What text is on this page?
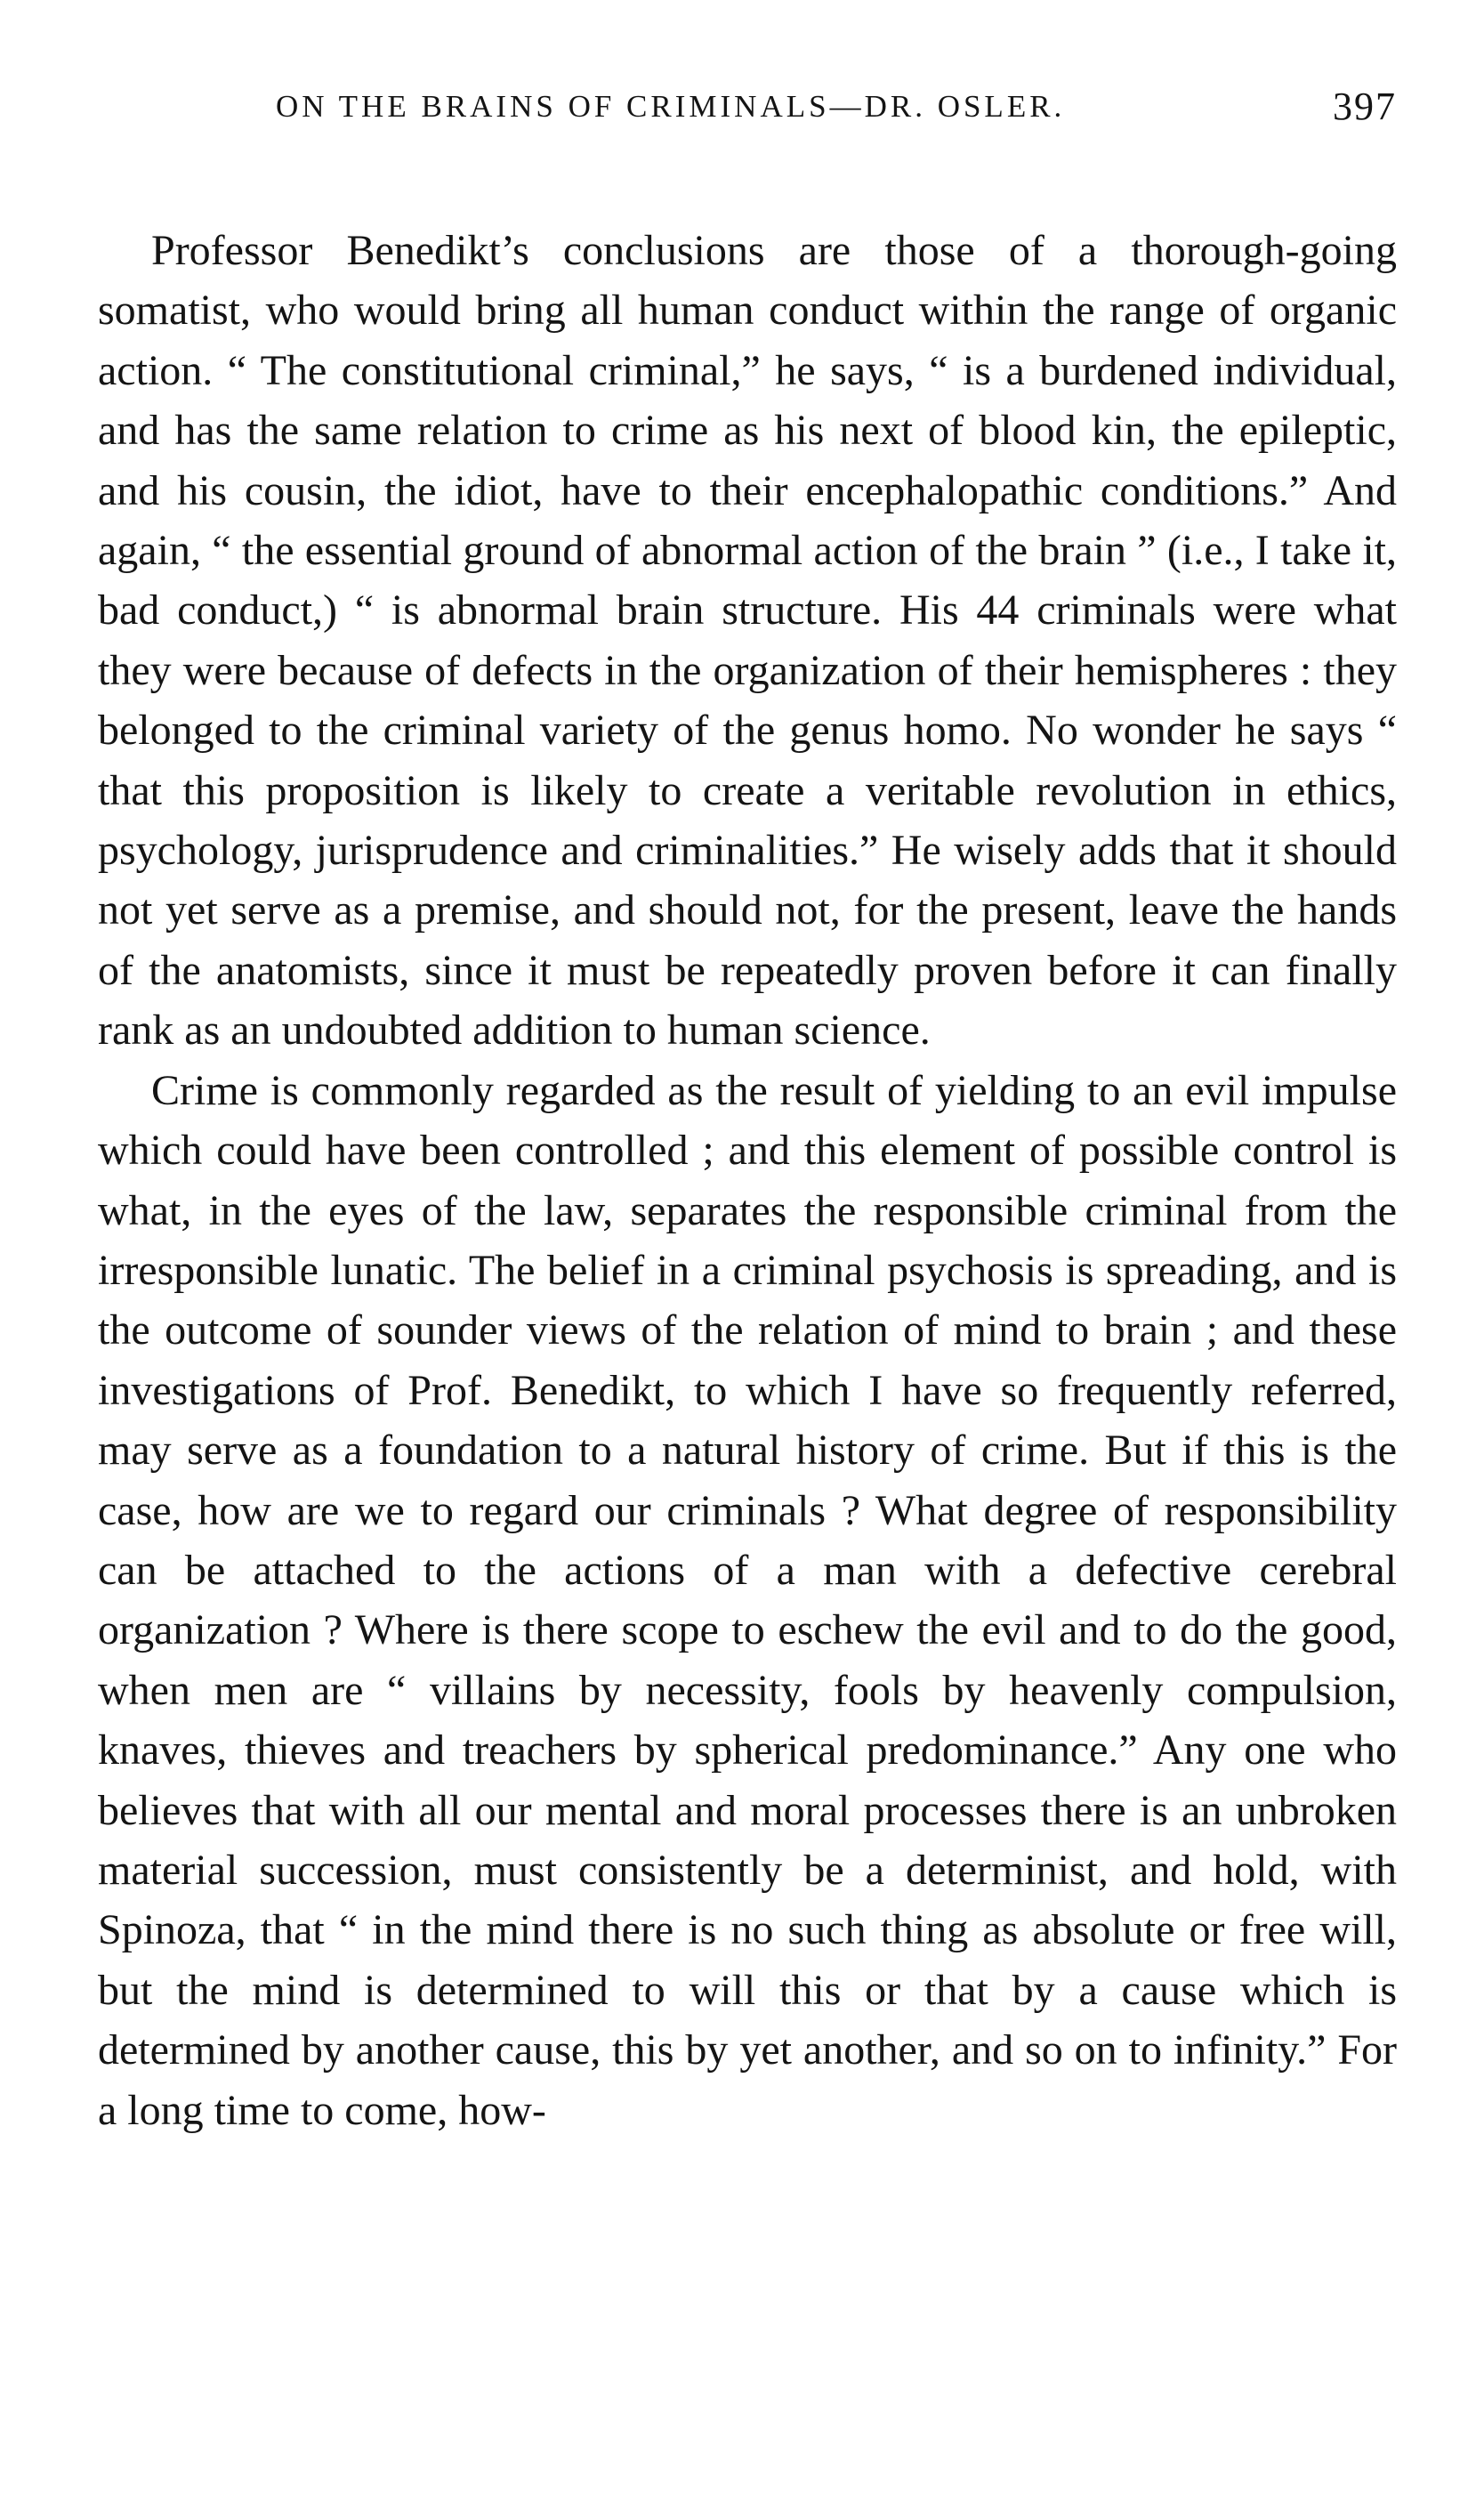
ON THE BRAINS OF CRIMINALS—DR. OSLER.	397

Professor Benedikt’s conclusions are those of a thorough-going somatist, who would bring all human conduct within the range of organic action. “ The constitutional criminal,” he says, “ is a burdened individual, and has the same relation to crime as his next of blood kin, the epileptic, and his cousin, the idiot, have to their encephalopathic conditions.” And again, “ the essential ground of abnormal action of the brain ” (i.e., I take it, bad conduct,) “ is abnormal brain structure. His 44 criminals were what they were because of defects in the organization of their hemispheres : they belonged to the criminal variety of the genus homo. No wonder he says “ that this proposition is likely to create a veritable revolution in ethics, psychology, jurisprudence and criminalities.” He wisely adds that it should not yet serve as a premise, and should not, for the present, leave the hands of the anatomists, since it must be repeatedly proven before it can finally rank as an undoubted addition to human science.

Crime is commonly regarded as the result of yielding to an evil impulse which could have been controlled ; and this element of possible control is what, in the eyes of the law, separates the responsible criminal from the irresponsible lunatic. The belief in a criminal psychosis is spreading, and is the outcome of sounder views of the relation of mind to brain ; and these investigations of Prof. Benedikt, to which I have so frequently referred, may serve as a foundation to a natural history of crime. But if this is the case, how are we to regard our criminals ? What degree of responsibility can be attached to the actions of a man with a defective cerebral organization ? Where is there scope to eschew the evil and to do the good, when men are “ villains by necessity, fools by heavenly compulsion, knaves, thieves and treachers by spherical predominance.” Any one who believes that with all our mental and moral processes there is an unbroken material succession, must consistently be a determinist, and hold, with Spinoza, that “ in the mind there is no such thing as absolute or free will, but the mind is determined to will this or that by a cause which is determined by another cause, this by yet another, and so on to infinity.” For a long time to come, how-
